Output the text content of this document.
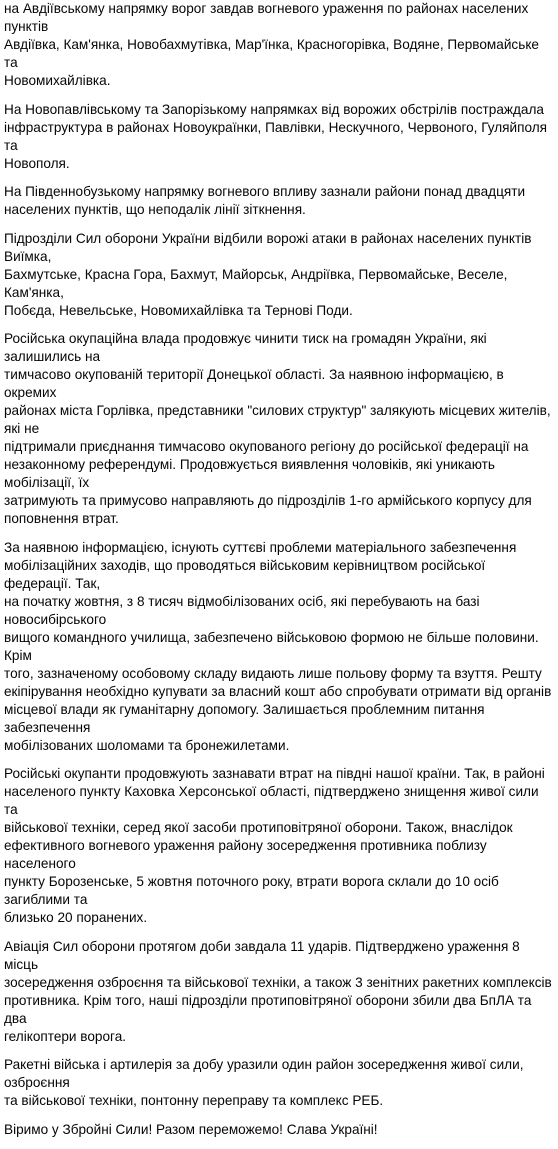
на Авдіївському напрямку ворог завдав вогневого ураження по районах населених пунктів
Авдіївка, Кам'янка, Новобахмутівка, Мар'їнка, Красногорівка, Водяне, Первомайське та
Новомихайлівка.

На Новопавлівському та Запорізькому напрямках від ворожих обстрілів постраждала
інфраструктура в районах Новоукраїнки, Павлівки, Нескучного, Червоного, Гуляйполя та
Новополя.

На Південнобузькому напрямку вогневого впливу зазнали райони понад двадцяти
населених пунктів, що неподалік лінії зіткнення.

Підрозділи Сил оборони України відбили ворожі атаки в районах населених пунктів Виїмка,
Бахмутське, Красна Гора, Бахмут, Майорськ, Андріївка, Первомайське, Веселе, Кам'янка,
Побєда, Невельське, Новомихайлівка та Тернові Поди.

Російська окупаційна влада продовжує чинити тиск на громадян України, які залишились на
тимчасово окупованій території Донецької області. За наявною інформацією, в окремих
районах міста Горлівка, представники "силових структур" залякують місцевих жителів, які не
підтримали приєднання тимчасово окупованого регіону до російської федерації на
незаконному референдумі. Продовжується виявлення чоловіків, які уникають мобілізації, їх
затримують та примусово направляють до підрозділів 1-го армійського корпусу для
поповнення втрат.

За наявною інформацією, існують суттєві проблеми матеріального забезпечення
мобілізаційних заходів, що проводяться військовим керівництвом російської федерації. Так,
на початку жовтня, з 8 тисяч відмобілізованих осіб, які перебувають на базі новосибірського
вищого командного училища, забезпечено військовою формою не більше половини. Крім
того, зазначеному особовому складу видають лише польову форму та взуття. Решту
екіпірування необхідно купувати за власний кошт або спробувати отримати від органів
місцевої влади як гуманітарну допомогу. Залишається проблемним питання забезпечення
мобілізованих шоломами та бронежилетами.

Російські окупанти продовжують зазнавати втрат на півдні нашої країни. Так, в районі
населеного пункту Каховка Херсонської області, підтверджено знищення живої сили та
військової техніки, серед якої засоби протиповітряної оборони. Також, внаслідок
ефективного вогневого ураження району зосередження противника поблизу населеного
пункту Борозенське, 5 жовтня поточного року, втрати ворога склали до 10 осіб загиблими та
близько 20 поранених.

Авіація Сил оборони протягом доби завдала 11 ударів. Підтверджено ураження 8 місць
зосередження озброєння та військової техніки, а також 3 зенітних ракетних комплексів
противника. Крім того, наші підрозділи протиповітряної оборони збили два БпЛА та два
гелікоптери ворога.

Ракетні війська і артилерія за добу уразили один район зосередження живої сили, озброєння
та військової техніки, понтонну переправу та комплекс РЕБ.

Віримо у Збройні Сили! Разом переможемо! Слава Україні!
